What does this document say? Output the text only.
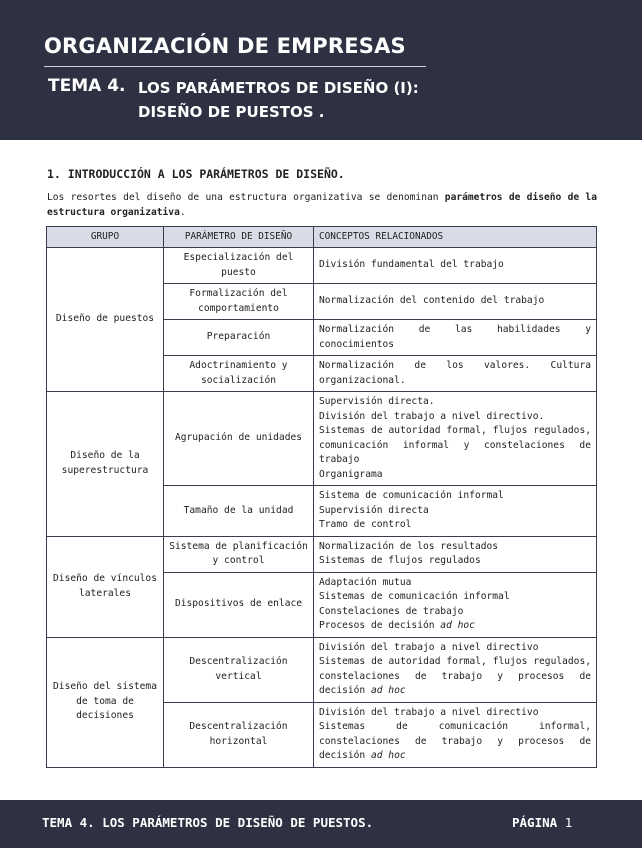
ORGANIZACIÓN DE EMPRESAS
TEMA 4. LOS PARÁMETROS DE DISEÑO (I):
DISEÑO DE PUESTOS .
1. INTRODUCCIÓN A LOS PARÁMETROS DE DISEÑO.
Los resortes del diseño de una estructura organizativa se denominan parámetros de diseño de la estructura organizativa.
GRUPO	PARÁMETRO DE DISEÑO	CONCEPTOS RELACIONADOS
Diseño de puestos	Especialización del puesto	División fundamental del trabajo

	Formalización del comportamiento	Normalización del contenido del trabajo

	Preparación	Normalización de las habilidades y conocimientos

	Adoctrinamiento y socialización	Normalización de los valores. Cultura organizacional.

Diseño de la superestructura	Agrupación de unidades	Supervisión directa.
División del trabajo a nivel directivo.
Sistemas de autoridad formal, flujos regulados, comunicación informal y constelaciones de trabajo
Organigrama

	Tamaño de la unidad	Sistema de comunicación informal
Supervisión directa
Tramo de control

Diseño de vínculos laterales	Sistema de planificación y control	Normalización de los resultados
Sistemas de flujos regulados

	Dispositivos de enlace	Adaptación mutua
Sistemas de comunicación informal
Constelaciones de trabajo
Procesos de decisión ad hoc

Diseño del sistema de toma de decisiones	Descentralización vertical	División del trabajo a nivel directivo
Sistemas de autoridad formal, flujos regulados, constelaciones de trabajo y procesos de decisión ad hoc

	Descentralización horizontal	División del trabajo a nivel directivo
Sistemas de comunicación informal, constelaciones de trabajo y procesos de decisión ad hoc
TEMA 4. LOS PARÁMETROS DE DISEÑO DE PUESTOS.	PÁGINA 1
